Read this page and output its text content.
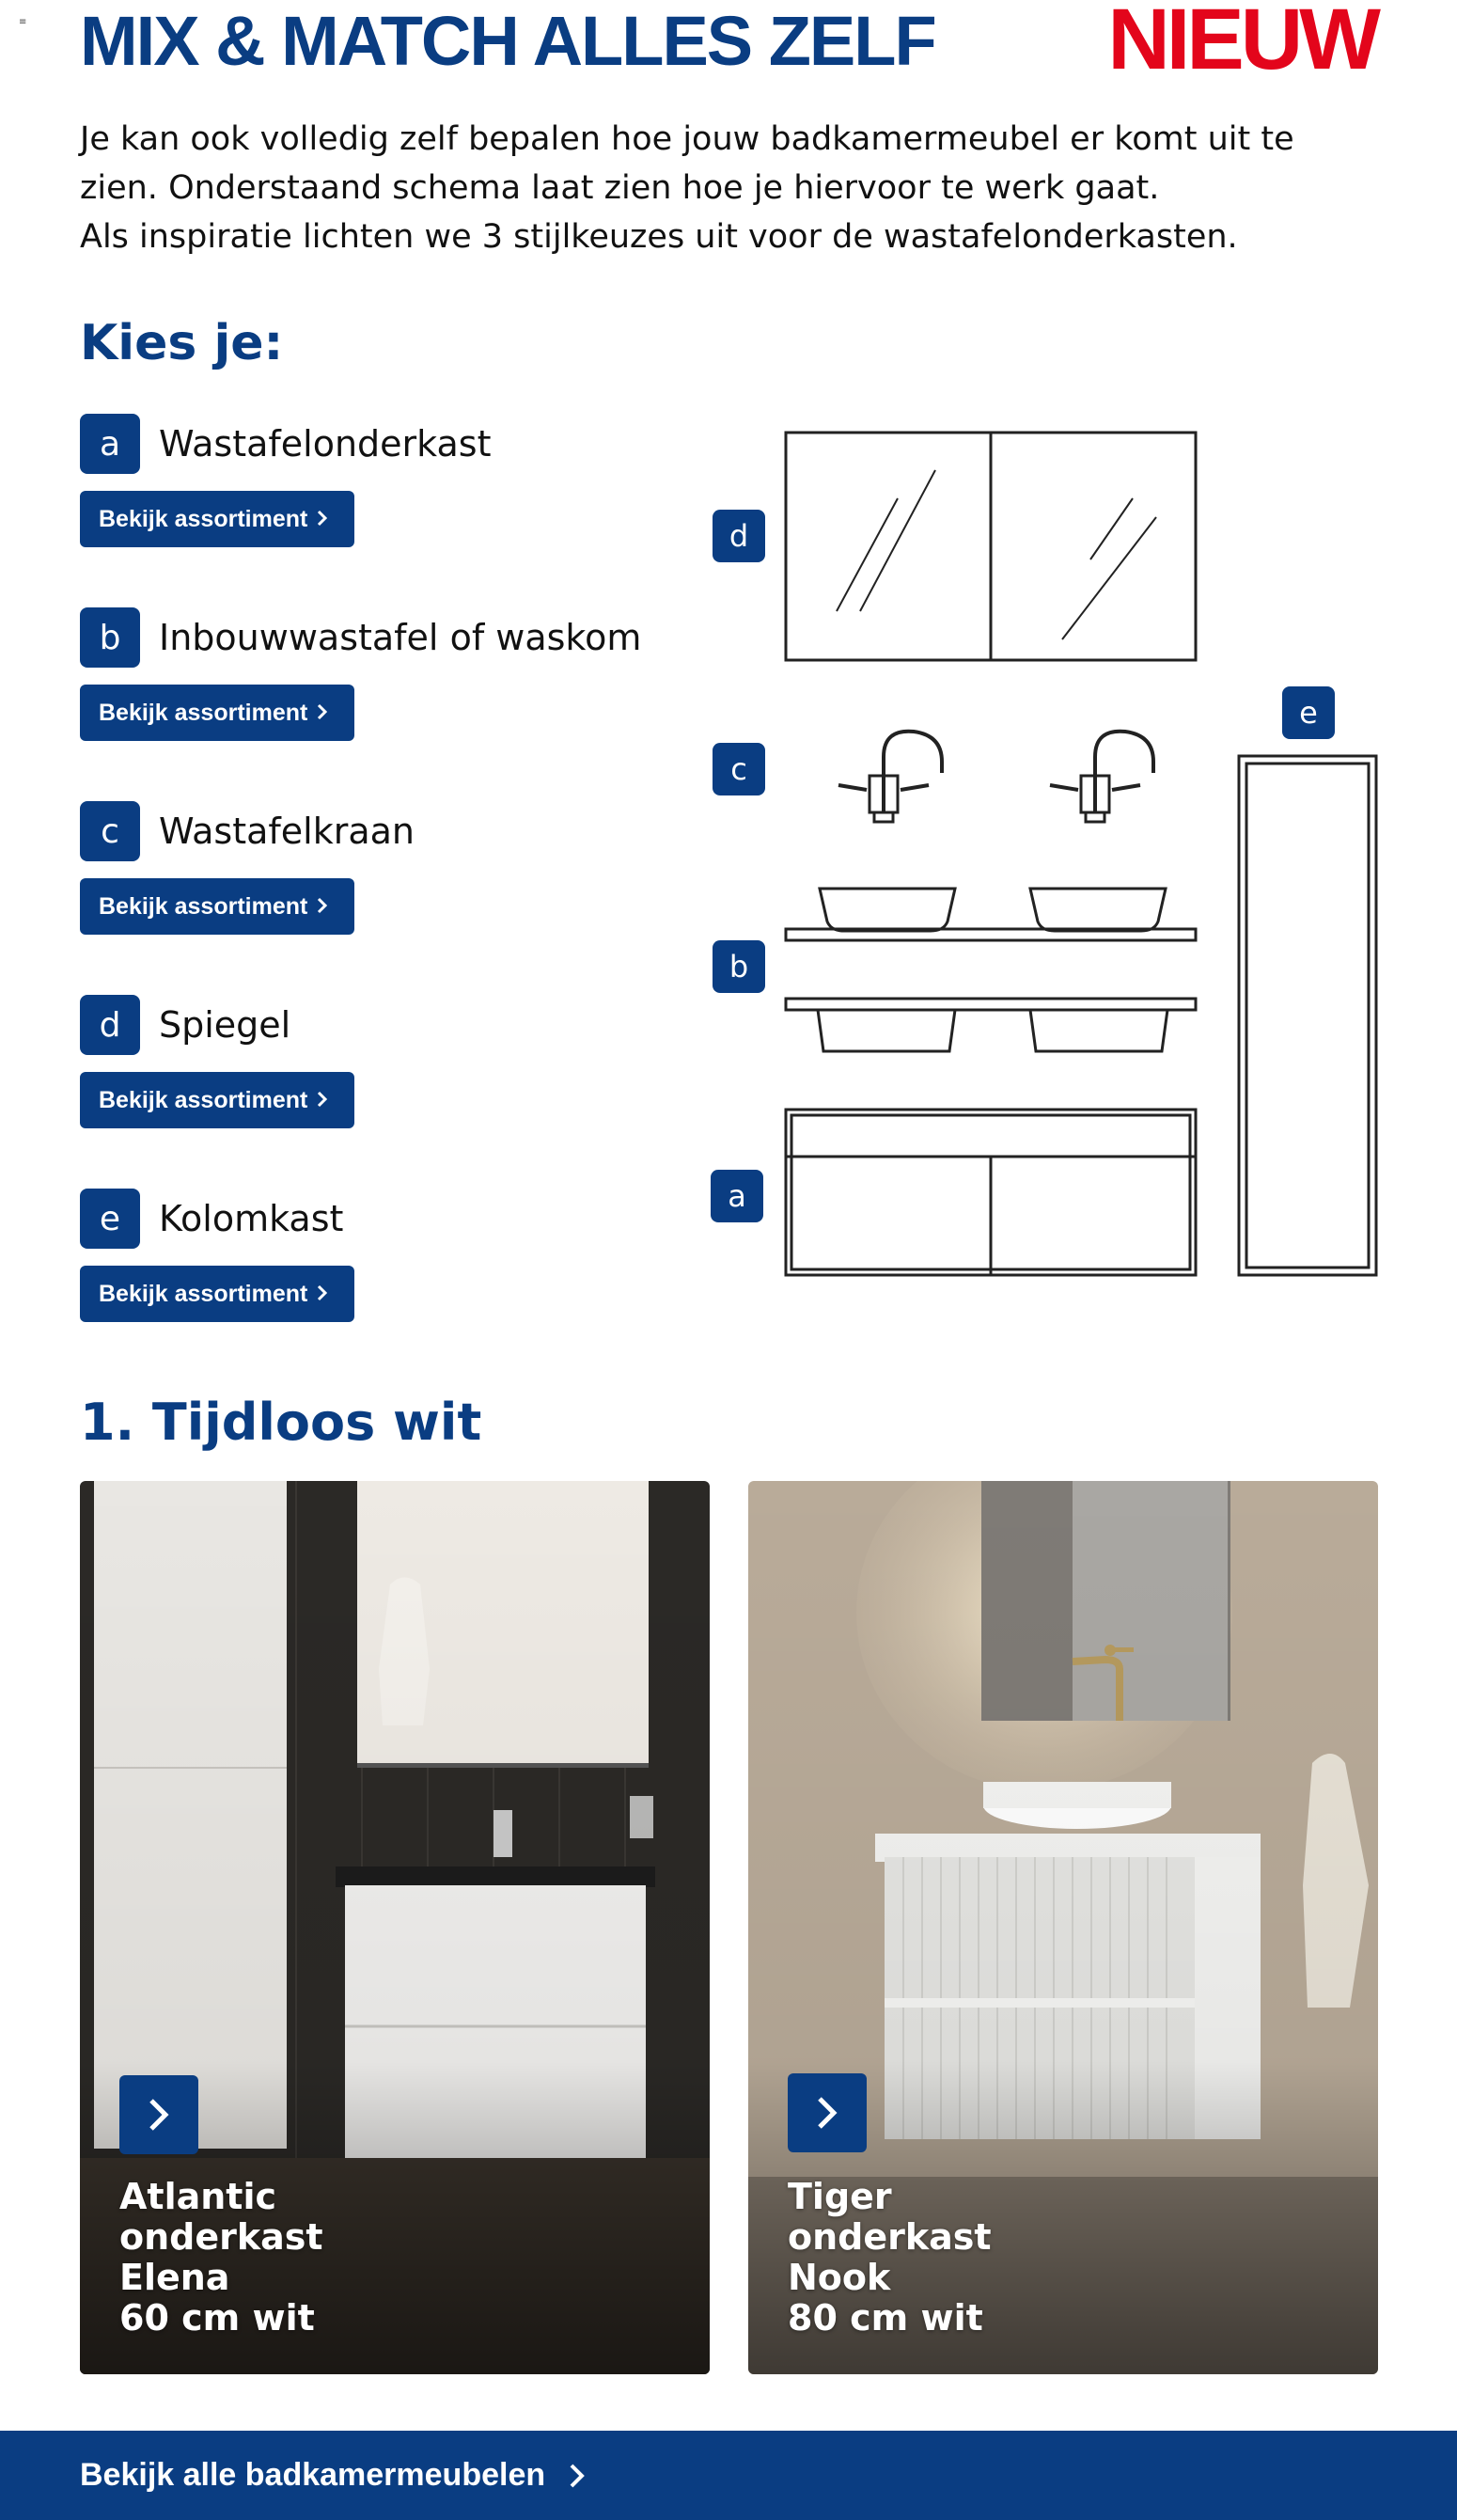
≡ MIX & MATCH ALLES ZELF NIEUW

Je kan ook volledig zelf bepalen hoe jouw badkamermeubel er komt uit te zien. Onderstaand schema laat zien hoe je hiervoor te werk gaat.

Als inspiratie lichten we 3 stijlkeuzes uit voor de wastafelonderkasten.

Kies je:
a	Wastafelonderkast
Bekijk assortiment
b	Inbouwwastafel of waskom
Bekijk assortiment
c	Wastafelkraan
Bekijk assortiment
d	Spiegel
Bekijk assortiment
e	Kolomkast
Bekijk assortiment
d
c
b
a
e
1. Tijdloos wit
Atlantic
onderkast
Elena
60 cm wit
Tiger
onderkast
Nook
80 cm wit
Bekijk alle badkamermeubelen
